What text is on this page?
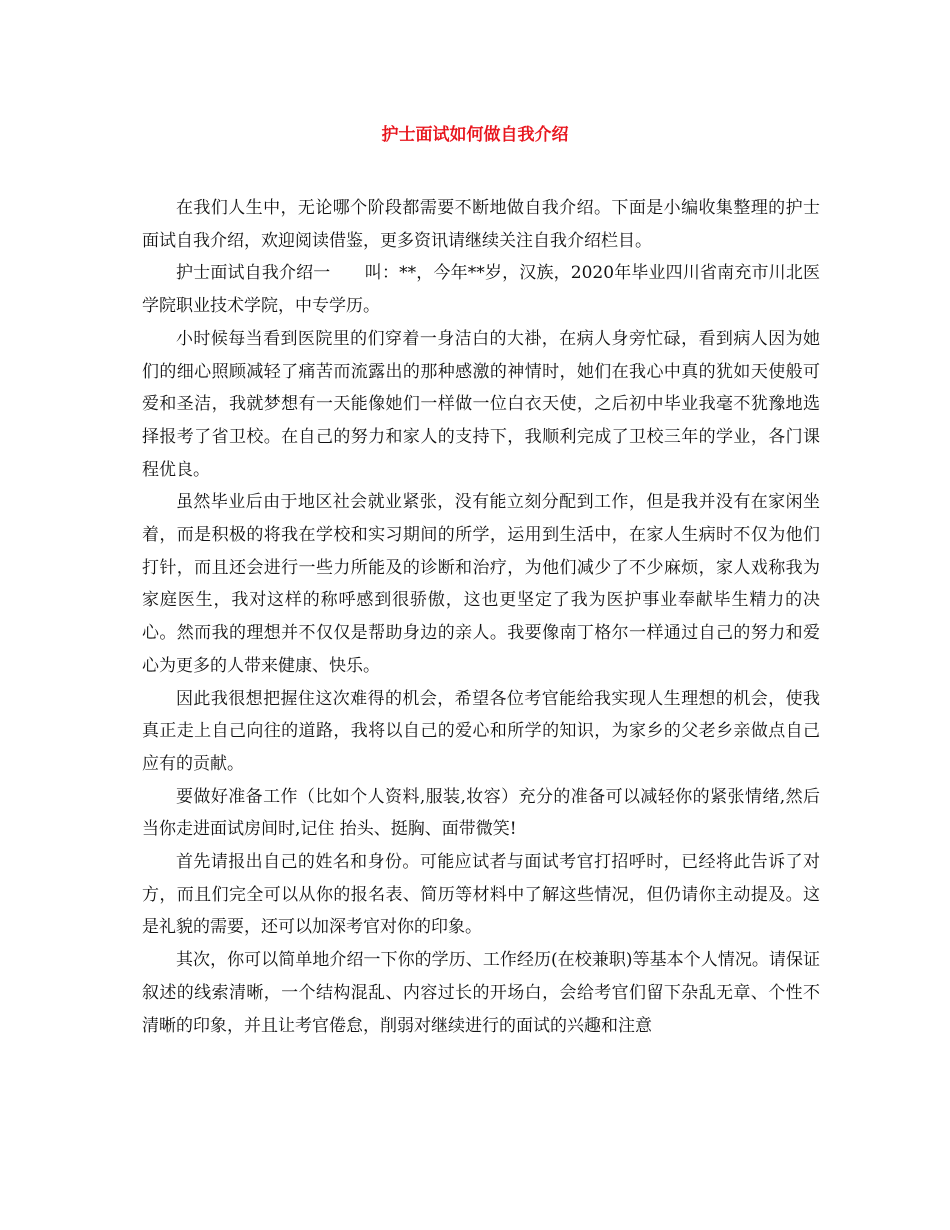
护士面试如何做自我介绍

在我们人生中，无论哪个阶段都需要不断地做自我介绍。下面是小编收集整理的护士面试自我介绍，欢迎阅读借鉴，更多资讯请继续关注自我介绍栏目。

护士面试自我介绍一　　叫：**，今年**岁，汉族，2020年毕业四川省南充市川北医学院职业技术学院，中专学历。

小时候每当看到医院里的们穿着一身洁白的大褂，在病人身旁忙碌，看到病人因为她们的细心照顾减轻了痛苦而流露出的那种感激的神情时，她们在我心中真的犹如天使般可爱和圣洁，我就梦想有一天能像她们一样做一位白衣天使，之后初中毕业我毫不犹豫地选择报考了省卫校。在自己的努力和家人的支持下，我顺利完成了卫校三年的学业，各门课程优良。

虽然毕业后由于地区社会就业紧张，没有能立刻分配到工作，但是我并没有在家闲坐着，而是积极的将我在学校和实习期间的所学，运用到生活中，在家人生病时不仅为他们打针，而且还会进行一些力所能及的诊断和治疗，为他们减少了不少麻烦，家人戏称我为家庭医生，我对这样的称呼感到很骄傲，这也更坚定了我为医护事业奉献毕生精力的决心。然而我的理想并不仅仅是帮助身边的亲人。我要像南丁格尔一样通过自己的努力和爱心为更多的人带来健康、快乐。

因此我很想把握住这次难得的机会，希望各位考官能给我实现人生理想的机会，使我真正走上自己向往的道路，我将以自己的爱心和所学的知识，为家乡的父老乡亲做点自己应有的贡献。

要做好准备工作（比如个人资料,服装,妆容）充分的准备可以减轻你的紧张情绪,然后当你走进面试房间时,记住 抬头、挺胸、面带微笑!

首先请报出自己的姓名和身份。可能应试者与面试考官打招呼时，已经将此告诉了对方，而且们完全可以从你的报名表、简历等材料中了解这些情况，但仍请你主动提及。这是礼貌的需要，还可以加深考官对你的印象。

其次，你可以简单地介绍一下你的学历、工作经历(在校兼职)等基本个人情况。请保证叙述的线索清晰，一个结构混乱、内容过长的开场白，会给考官们留下杂乱无章、个性不清晰的印象，并且让考官倦怠，削弱对继续进行的面试的兴趣和注意
